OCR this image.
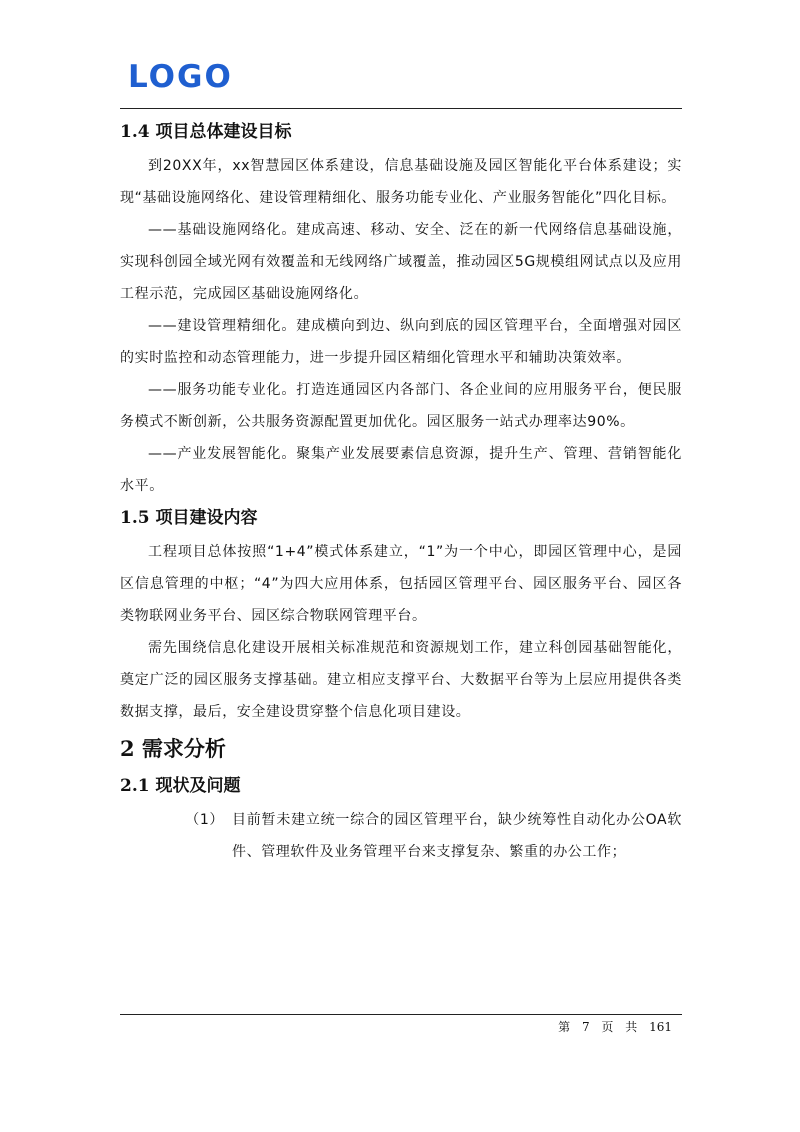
LOGO
1.4 项目总体建设目标

到20XX年，xx智慧园区体系建设，信息基础设施及园区智能化平台体系建设；实现“基础设施网络化、建设管理精细化、服务功能专业化、产业服务智能化”四化目标。

——基础设施网络化。建成高速、移动、安全、泛在的新一代网络信息基础设施，实现科创园全域光网有效覆盖和无线网络广域覆盖，推动园区5G规模组网试点以及应用工程示范，完成园区基础设施网络化。

——建设管理精细化。建成横向到边、纵向到底的园区管理平台，全面增强对园区的实时监控和动态管理能力，进一步提升园区精细化管理水平和辅助决策效率。

——服务功能专业化。打造连通园区内各部门、各企业间的应用服务平台，便民服务模式不断创新，公共服务资源配置更加优化。园区服务一站式办理率达90%。

——产业发展智能化。聚集产业发展要素信息资源，提升生产、管理、营销智能化水平。

1.5 项目建设内容

工程项目总体按照“1+4”模式体系建立，“1”为一个中心，即园区管理中心，是园区信息管理的中枢；“4”为四大应用体系，包括园区管理平台、园区服务平台、园区各类物联网业务平台、园区综合物联网管理平台。

需先围绕信息化建设开展相关标准规范和资源规划工作，建立科创园基础智能化，奠定广泛的园区服务支撑基础。建立相应支撑平台、大数据平台等为上层应用提供各类数据支撑，最后，安全建设贯穿整个信息化项目建设。

2 需求分析
2.1 现状及问题
（1） 目前暂未建立统一综合的园区管理平台，缺少统筹性自动化办公OA软件、管理软件及业务管理平台来支撑复杂、繁重的办公工作；
第 7 页 共 161
